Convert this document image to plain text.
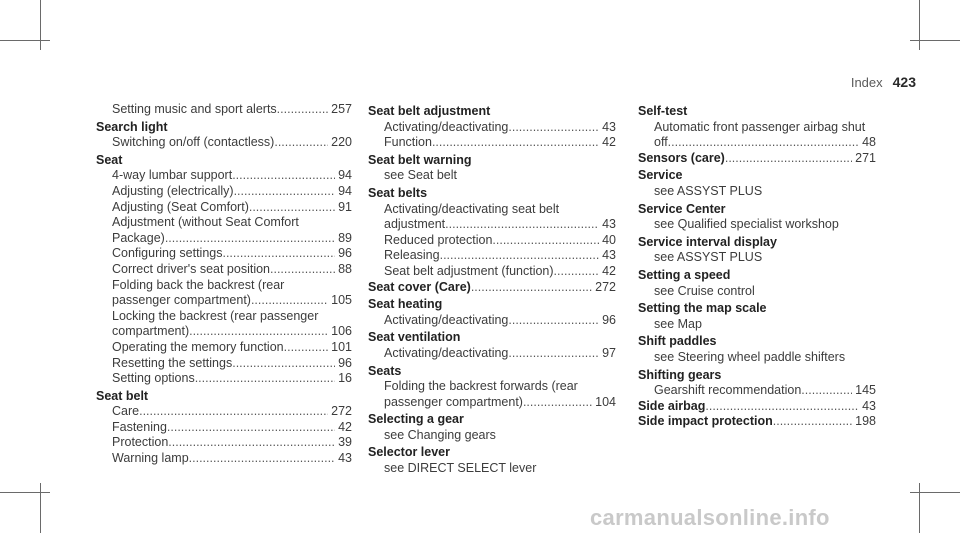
Index 423
Setting music and sport alerts .....	257
Search light
Switching on/off (contactless) .....	220
Seat
4-way lumbar support .....	94
Adjusting (electrically) .....	94
Adjusting (Seat Comfort) .....	91
Adjustment (without Seat Comfort
Package) .....	89
Configuring settings .....	96
Correct driver's seat position .....	88
Folding back the backrest (rear
passenger compartment) .....	105
Locking the backrest (rear passenger
compartment) .....	106
Operating the memory function .....	101
Resetting the settings .....	96
Setting options .....	16
Seat belt
Care .....	272
Fastening .....	42
Protection .....	39
Warning lamp .....	43
Seat belt adjustment
Activating/deactivating .....	43
Function .....	42
Seat belt warning
see Seat belt
Seat belts
Activating/deactivating seat belt
adjustment .....	43
Reduced protection .....	40
Releasing .....	43
Seat belt adjustment (function) .....	42
Seat cover (Care) .....	272
Seat heating
Activating/deactivating .....	96
Seat ventilation
Activating/deactivating .....	97
Seats
Folding the backrest forwards (rear
passenger compartment) .....	104
Selecting a gear
see Changing gears
Selector lever
see DIRECT SELECT lever
Self-test
Automatic front passenger airbag shut
off .....	48
Sensors (care) .....	271
Service
see ASSYST PLUS
Service Center
see Qualified specialist workshop
Service interval display
see ASSYST PLUS
Setting a speed
see Cruise control
Setting the map scale
see Map
Shift paddles
see Steering wheel paddle shifters
Shifting gears
Gearshift recommendation .....	145
Side airbag .....	43
Side impact protection .....	198
carmanualsonline.info
